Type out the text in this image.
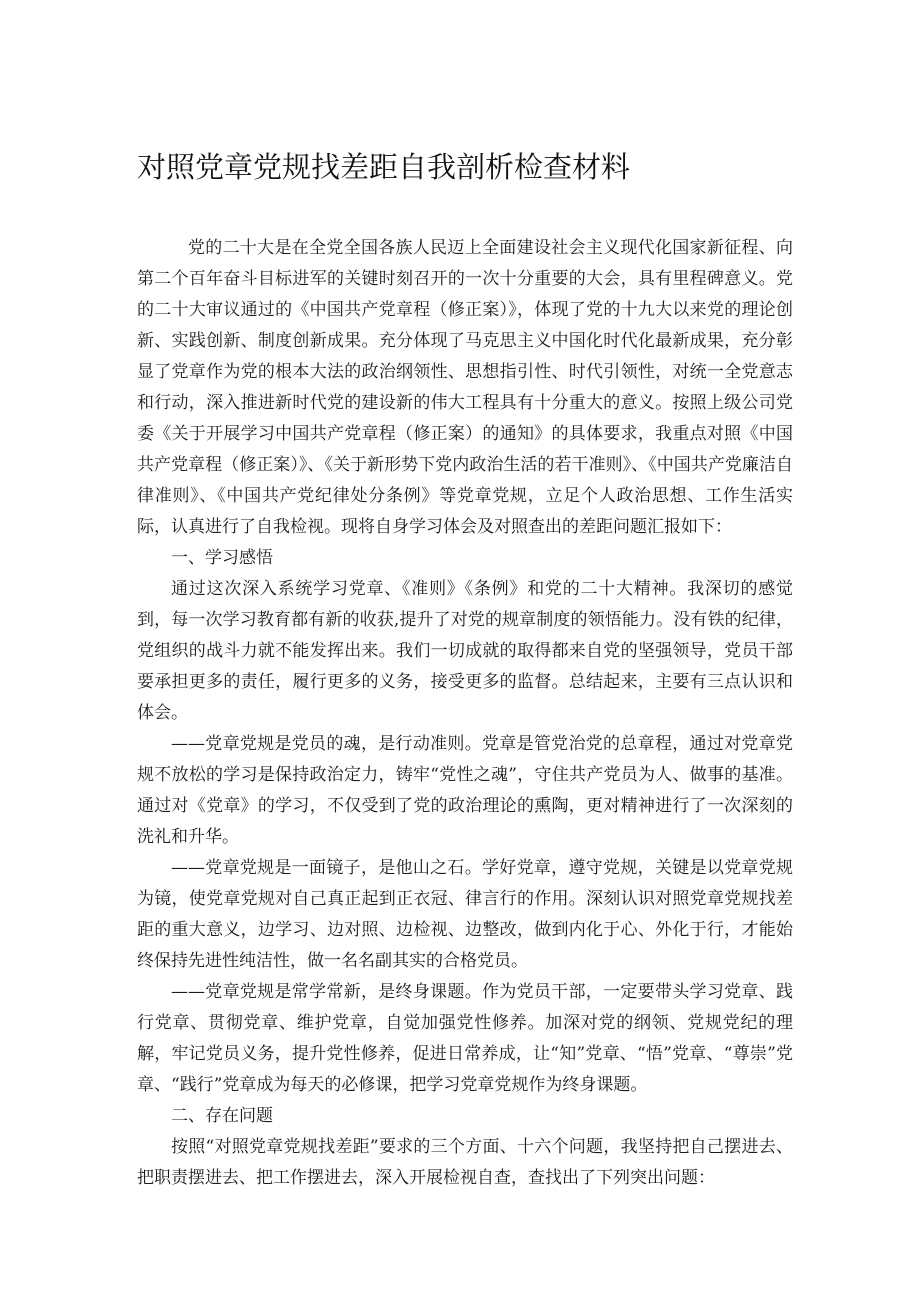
对照党章党规找差距自我剖析检查材料

党的二十大是在全党全国各族人民迈上全面建设社会主义现代化国家新征程、向第二个百年奋斗目标进军的关键时刻召开的一次十分重要的大会，具有里程碑意义。党的二十大审议通过的《中国共产党章程（修正案）》，体现了党的十九大以来党的理论创新、实践创新、制度创新成果。充分体现了马克思主义中国化时代化最新成果，充分彰显了党章作为党的根本大法的政治纲领性、思想指引性、时代引领性，对统一全党意志和行动，深入推进新时代党的建设新的伟大工程具有十分重大的意义。按照上级公司党委《关于开展学习中国共产党章程（修正案）的通知》的具体要求，我重点对照《中国共产党章程（修正案）》、《关于新形势下党内政治生活的若干准则》、《中国共产党廉洁自律准则》、《中国共产党纪律处分条例》等党章党规，立足个人政治思想、工作生活实际，认真进行了自我检视。现将自身学习体会及对照查出的差距问题汇报如下：

一、学习感悟

通过这次深入系统学习党章、《准则》《条例》和党的二十大精神。我深切的感觉到，每一次学习教育都有新的收获,提升了对党的规章制度的领悟能力。没有铁的纪律，党组织的战斗力就不能发挥出来。我们一切成就的取得都来自党的坚强领导，党员干部要承担更多的责任，履行更多的义务，接受更多的监督。总结起来，主要有三点认识和体会。

——党章党规是党员的魂，是行动准则。党章是管党治党的总章程，通过对党章党规不放松的学习是保持政治定力，铸牢“党性之魂”，守住共产党员为人、做事的基准。通过对《党章》的学习，不仅受到了党的政治理论的熏陶，更对精神进行了一次深刻的洗礼和升华。

——党章党规是一面镜子，是他山之石。学好党章，遵守党规，关键是以党章党规为镜，使党章党规对自己真正起到正衣冠、律言行的作用。深刻认识对照党章党规找差距的重大意义，边学习、边对照、边检视、边整改，做到内化于心、外化于行，才能始终保持先进性纯洁性，做一名名副其实的合格党员。

——党章党规是常学常新，是终身课题。作为党员干部，一定要带头学习党章、践行党章、贯彻党章、维护党章，自觉加强党性修养。加深对党的纲领、党规党纪的理解，牢记党员义务，提升党性修养，促进日常养成，让“知”党章、“悟”党章、“尊崇”党章、“践行”党章成为每天的必修课，把学习党章党规作为终身课题。

二、存在问题

按照“对照党章党规找差距”要求的三个方面、十六个问题，我坚持把自己摆进去、把职责摆进去、把工作摆进去，深入开展检视自查，查找出了下列突出问题：
